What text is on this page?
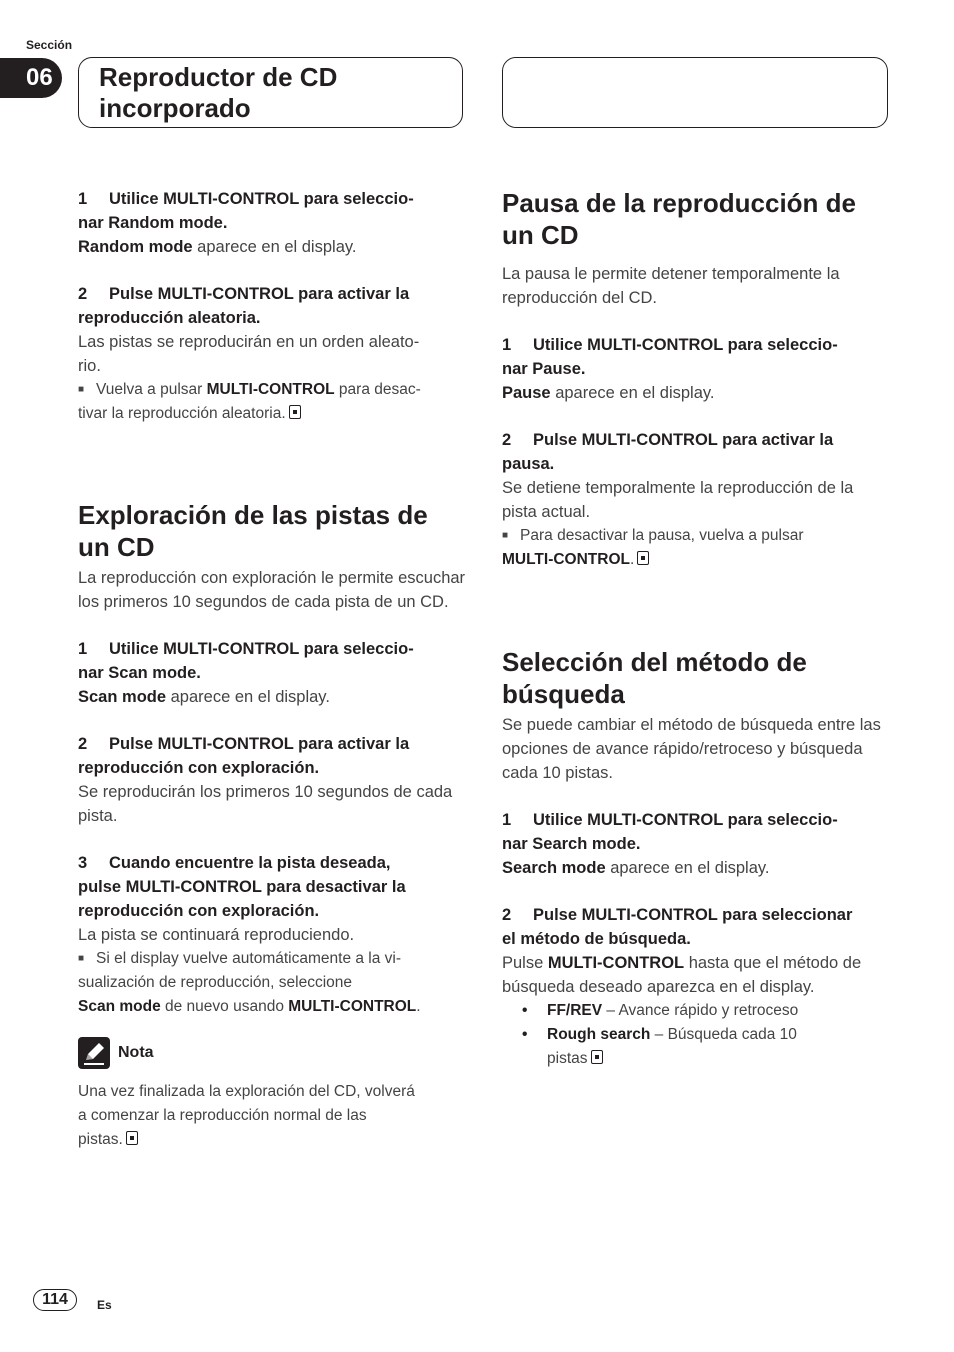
Sección
06	Reproductor de CD

incorporado

1 Utilice MULTI-CONTROL para seleccio-

nar Random mode.

Random mode aparece en el display.

2 Pulse MULTI-CONTROL para activar la

reproducción aleatoria.

Las pistas se reproducirán en un orden aleato-

rio.

■ Vuelva a pulsar MULTI-CONTROL para desac-

tivar la reproducción aleatoria.

Exploración de las pistas de un CD

La reproducción con exploración le permite escuchar los primeros 10 segundos de cada pista de un CD.

1 Utilice MULTI-CONTROL para seleccio-

nar Scan mode.

Scan mode aparece en el display.

2 Pulse MULTI-CONTROL para activar la

reproducción con exploración.

Se reproducirán los primeros 10 segundos de cada pista.

3 Cuando encuentre la pista deseada,

pulse MULTI-CONTROL para desactivar la

reproducción con exploración.

La pista se continuará reproduciendo.

■ Si el display vuelve automáticamente a la vi-

sualización de reproducción, seleccione

Scan mode de nuevo usando MULTI-CONTROL.

Nota

Una vez finalizada la exploración del CD, volverá

a comenzar la reproducción normal de las

pistas.

Pausa de la reproducción de un CD

La pausa le permite detener temporalmente la reproducción del CD.

1 Utilice MULTI-CONTROL para seleccio-

nar Pause.

Pause aparece en el display.

2 Pulse MULTI-CONTROL para activar la

pausa.

Se detiene temporalmente la reproducción de la pista actual.

■ Para desactivar la pausa, vuelva a pulsar

MULTI-CONTROL.

Selección del método de búsqueda

Se puede cambiar el método de búsqueda entre las opciones de avance rápido/retroceso y búsqueda cada 10 pistas.

1 Utilice MULTI-CONTROL para seleccio-

nar Search mode.

Search mode aparece en el display.

2 Pulse MULTI-CONTROL para seleccionar

el método de búsqueda.

Pulse MULTI-CONTROL hasta que el método de búsqueda deseado aparezca en el display.

•	FF/REV – Avance rápido y retroceso
•	Rough search – Búsqueda cada 10
pistas
114	Es
